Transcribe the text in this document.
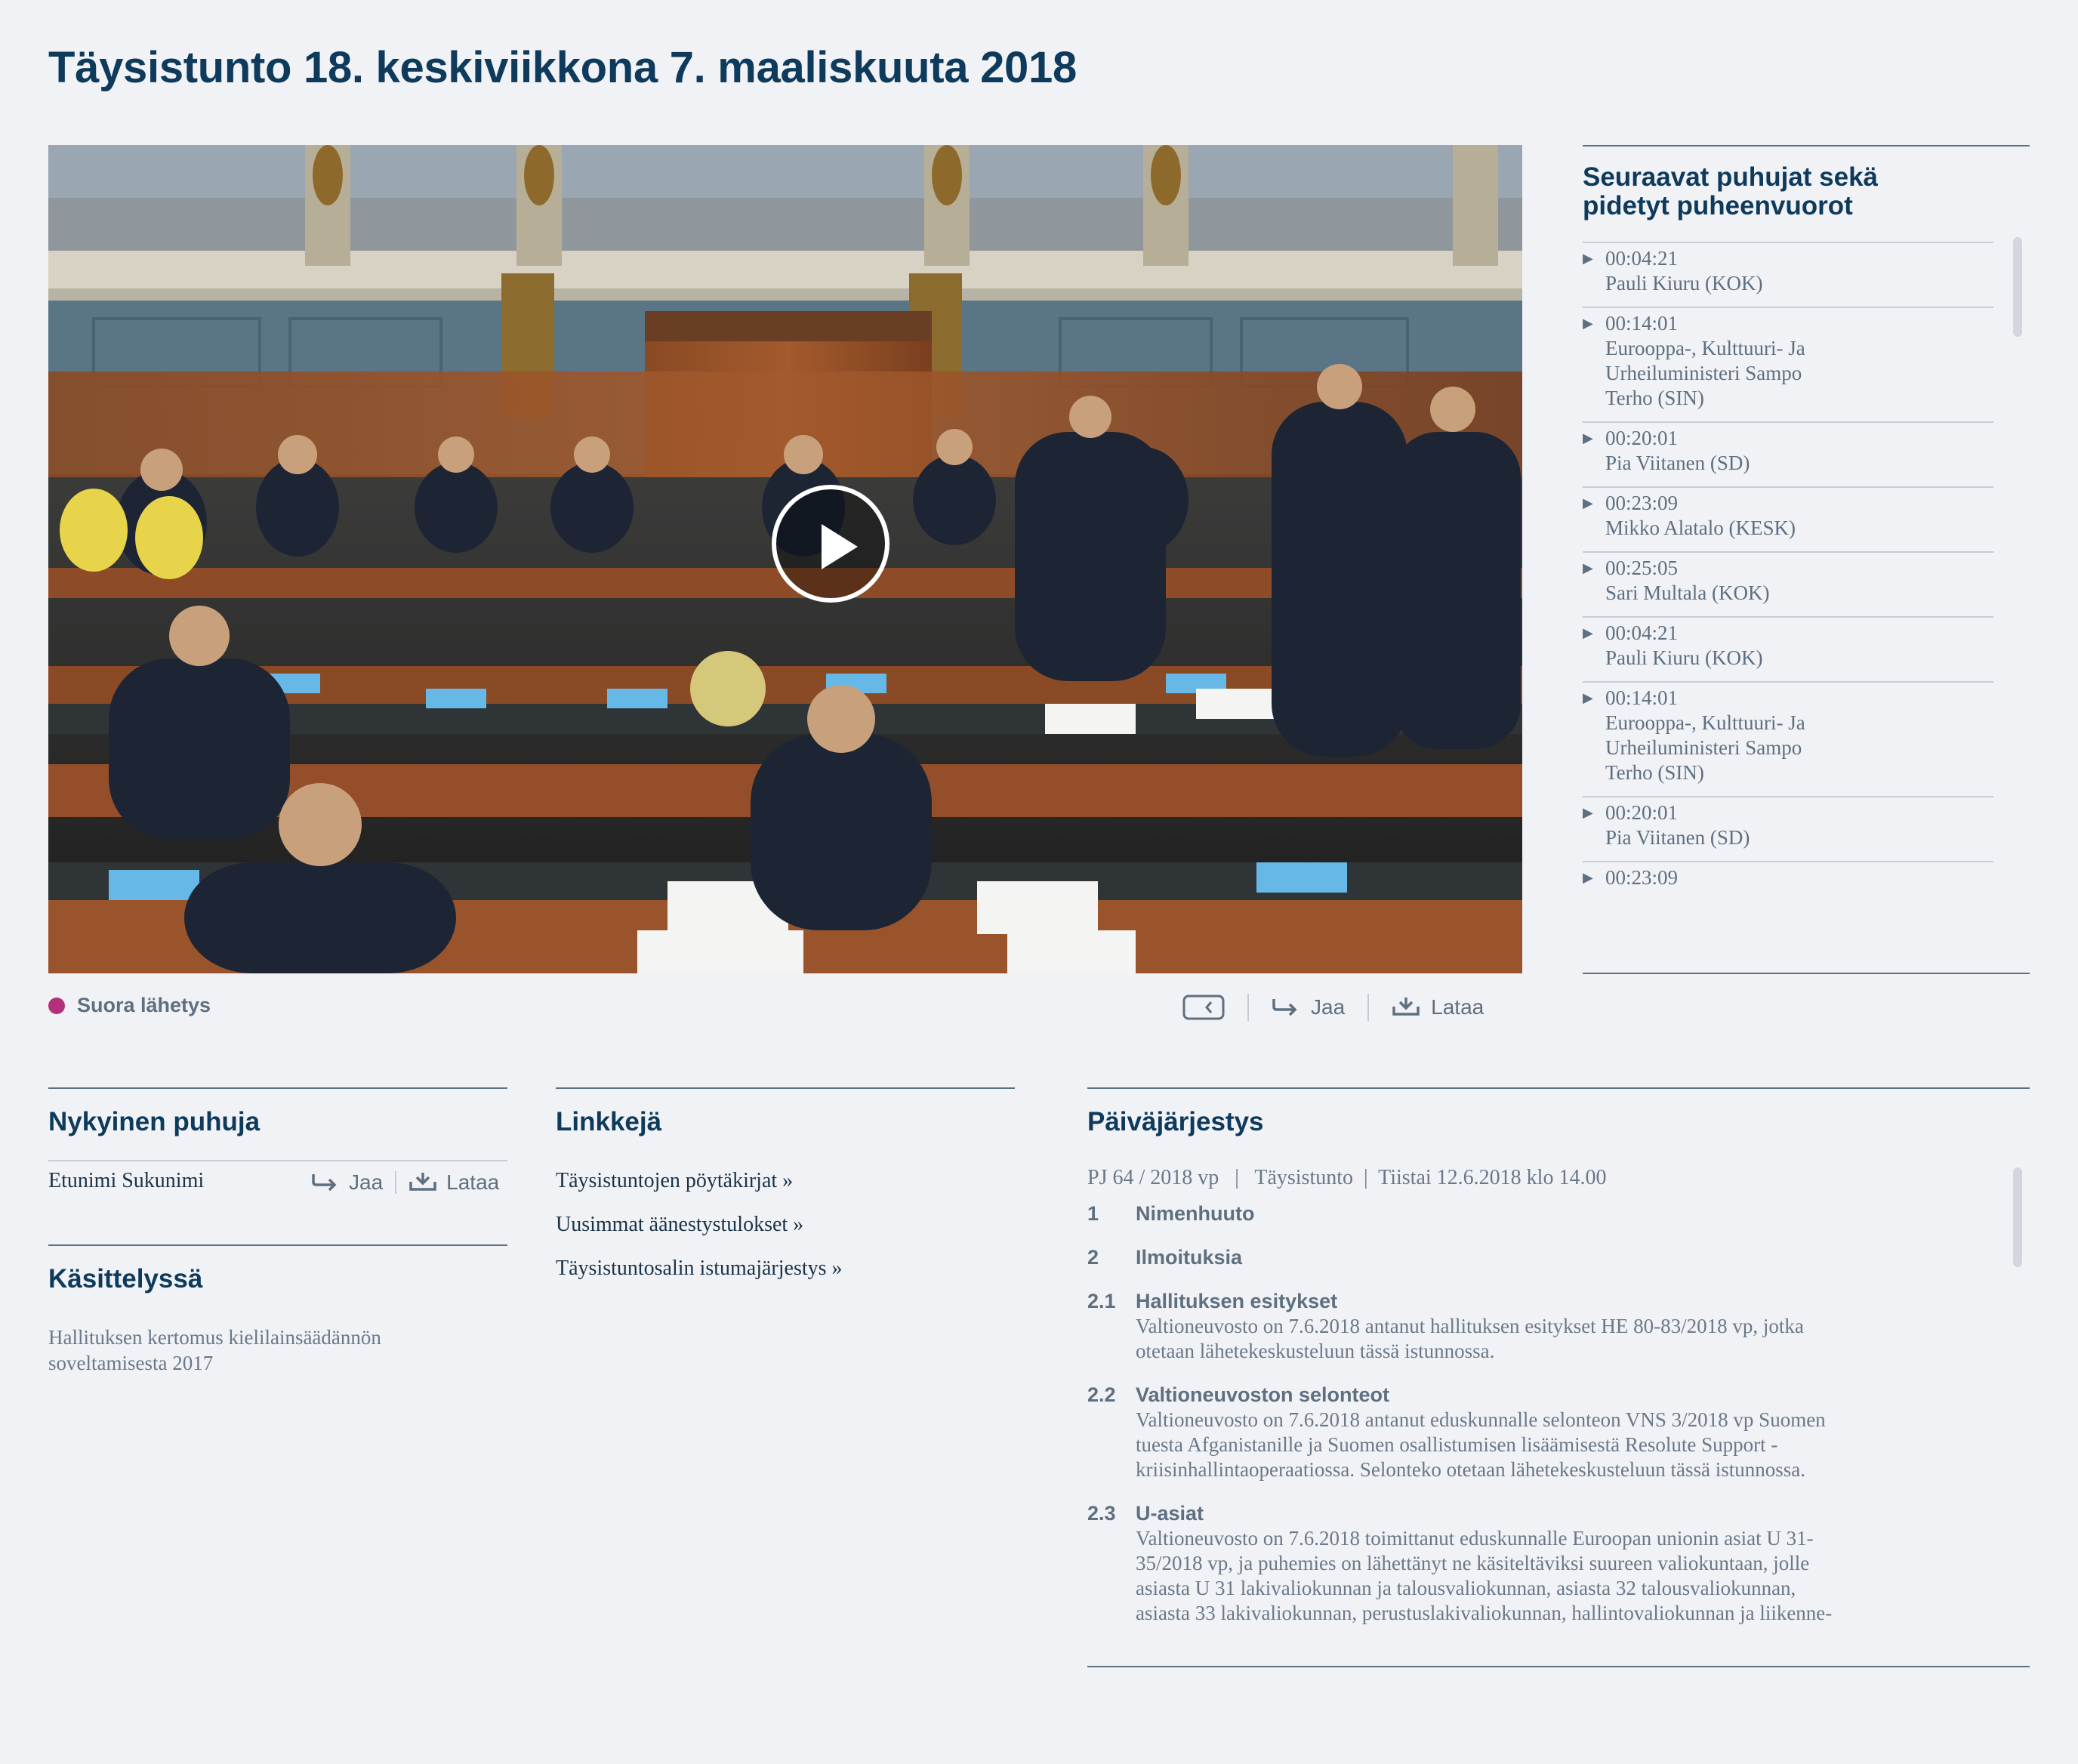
Täysistunto 18. keskiviikkona 7. maaliskuuta 2018
Suora lähetys	Jaa	Lataa
Seuraavat puhujat sekä
pidetyt puheenvuorot
▶ 00:04:21
Pauli Kiuru (KOK)
▶ 00:14:01
Eurooppa-, Kulttuuri- Ja
Urheiluministeri Sampo
Terho (SIN)
▶ 00:20:01
Pia Viitanen (SD)
▶ 00:23:09
Mikko Alatalo (KESK)
▶ 00:25:05
Sari Multala (KOK)
▶ 00:04:21
Pauli Kiuru (KOK)
▶ 00:14:01
Eurooppa-, Kulttuuri- Ja
Urheiluministeri Sampo
Terho (SIN)
▶ 00:20:01
Pia Viitanen (SD)
▶ 00:23:09
Nykyinen puhuja
Etunimi Sukunimi	Jaa	Lataa
Käsittelyssä
Hallituksen kertomus kielilainsäädännön
soveltamisesta 2017
Linkkejä
Täysistuntojen pöytäkirjat »
Uusimmat äänestystulokset »
Täysistuntosalin istumajärjestys »
Päiväjärjestys
PJ 64 / 2018 vp   |   Täysistunto  |  Tiistai 12.6.2018 klo 14.00
1	Nimenhuuto
2	Ilmoituksia
2.1 Hallituksen esitykset
Valtioneuvosto on 7.6.2018 antanut hallituksen esitykset HE 80-83/2018 vp, jotka
otetaan lähetekeskusteluun tässä istunnossa.
2.2 Valtioneuvoston selonteot
Valtioneuvosto on 7.6.2018 antanut eduskunnalle selonteon VNS 3/2018 vp Suomen
tuesta Afganistanille ja Suomen osallistumisen lisäämisestä Resolute Support -
kriisinhallintaoperaatiossa. Selonteko otetaan lähetekeskusteluun tässä istunnossa.
2.3 U-asiat
Valtioneuvosto on 7.6.2018 toimittanut eduskunnalle Euroopan unionin asiat U 31-
35/2018 vp, ja puhemies on lähettänyt ne käsiteltäviksi suureen valiokuntaan, jolle
asiasta U 31 lakivaliokunnan ja talousvaliokunnan, asiasta 32 talousvaliokunnan,
asiasta 33 lakivaliokunnan, perustuslakivaliokunnan, hallintovaliokunnan ja liikenne-
